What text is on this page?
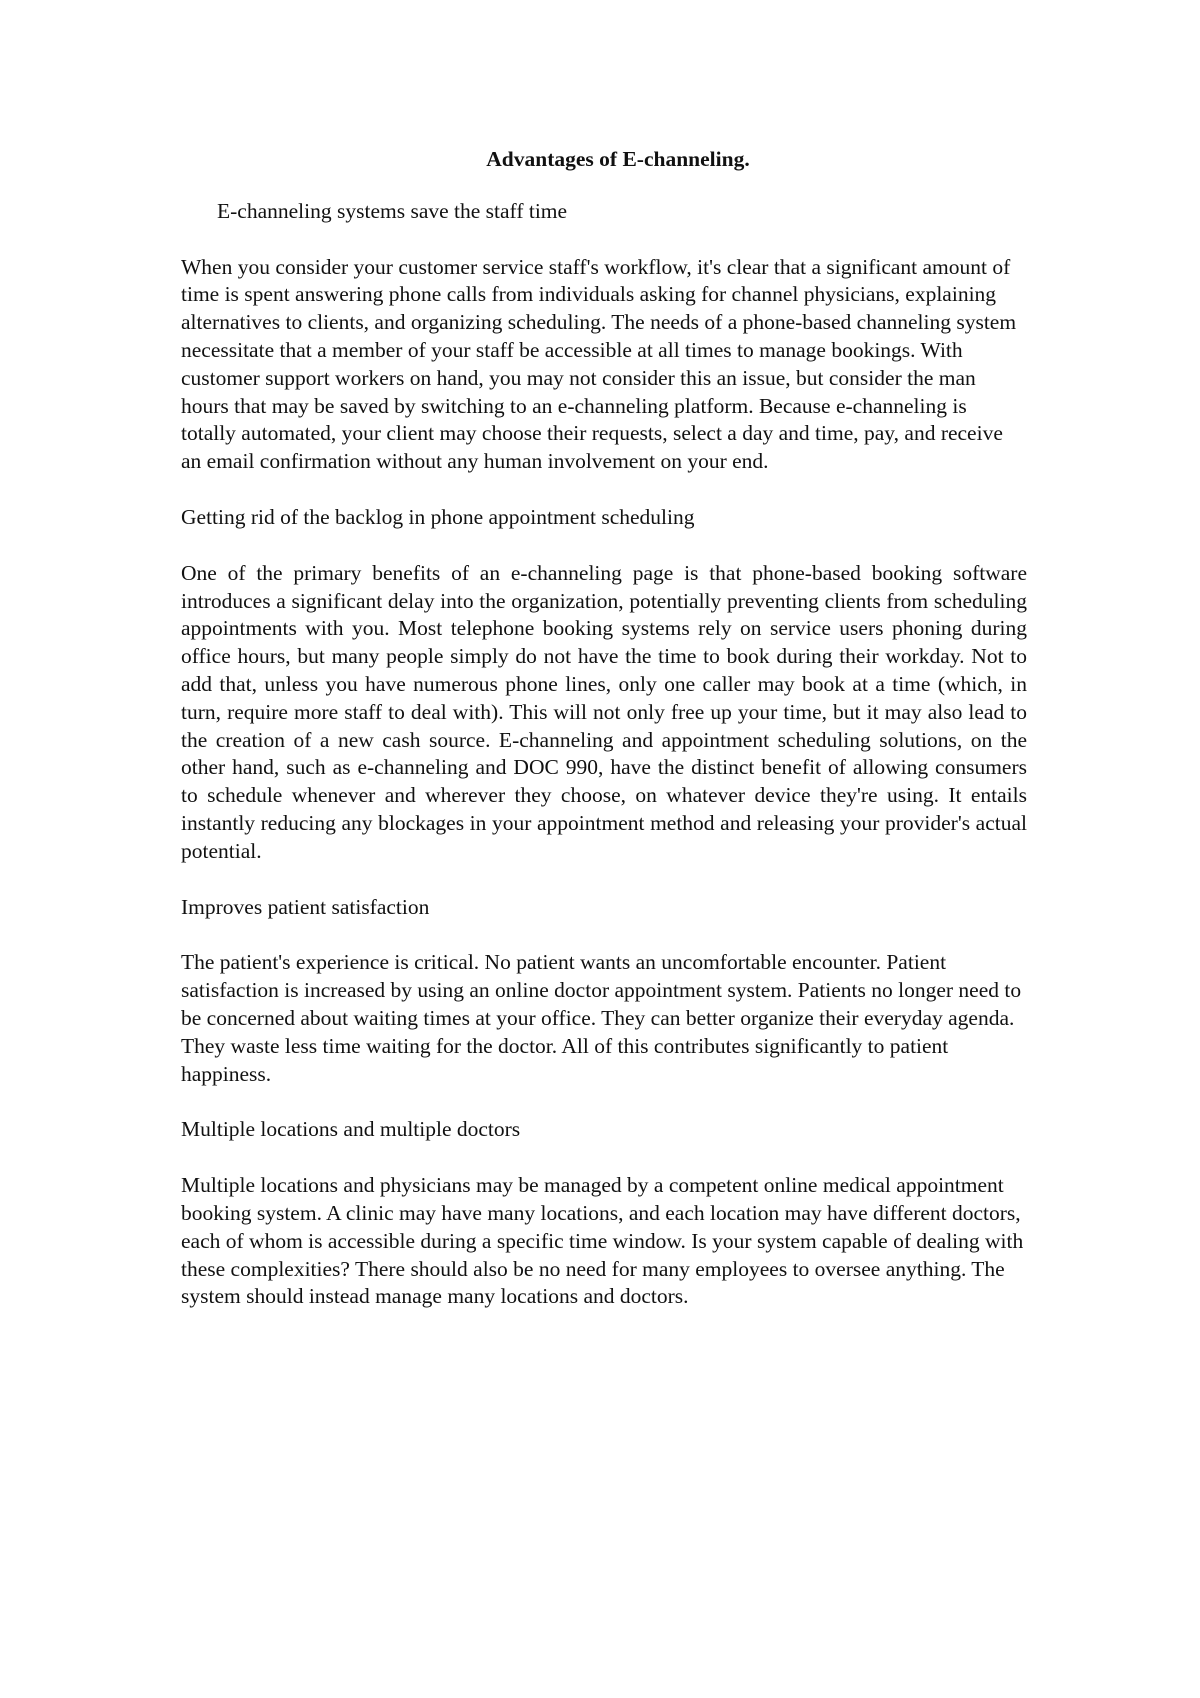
Advantages of E-channeling.
E-channeling systems save the staff time

When you consider your customer service staff's workflow, it's clear that a significant amount of time is spent answering phone calls from individuals asking for channel physicians, explaining alternatives to clients, and organizing scheduling. The needs of a phone-based channeling system necessitate that a member of your staff be accessible at all times to manage bookings. With customer support workers on hand, you may not consider this an issue, but consider the man hours that may be saved by switching to an e-channeling platform. Because e-channeling is totally automated, your client may choose their requests, select a day and time, pay, and receive an email confirmation without any human involvement on your end.

Getting rid of the backlog in phone appointment scheduling

One of the primary benefits of an e-channeling page is that phone-based booking software introduces a significant delay into the organization, potentially preventing clients from scheduling appointments with you. Most telephone booking systems rely on service users phoning during office hours, but many people simply do not have the time to book during their workday. Not to add that, unless you have numerous phone lines, only one caller may book at a time (which, in turn, require more staff to deal with). This will not only free up your time, but it may also lead to the creation of a new cash source. E-channeling and appointment scheduling solutions, on the other hand, such as e-channeling and DOC 990, have the distinct benefit of allowing consumers to schedule whenever and wherever they choose, on whatever device they're using. It entails instantly reducing any blockages in your appointment method and releasing your provider's actual potential.

Improves patient satisfaction

The patient's experience is critical. No patient wants an uncomfortable encounter. Patient satisfaction is increased by using an online doctor appointment system. Patients no longer need to be concerned about waiting times at your office. They can better organize their everyday agenda. They waste less time waiting for the doctor. All of this contributes significantly to patient happiness.

Multiple locations and multiple doctors

Multiple locations and physicians may be managed by a competent online medical appointment booking system. A clinic may have many locations, and each location may have different doctors, each of whom is accessible during a specific time window. Is your system capable of dealing with these complexities? There should also be no need for many employees to oversee anything. The system should instead manage many locations and doctors.
